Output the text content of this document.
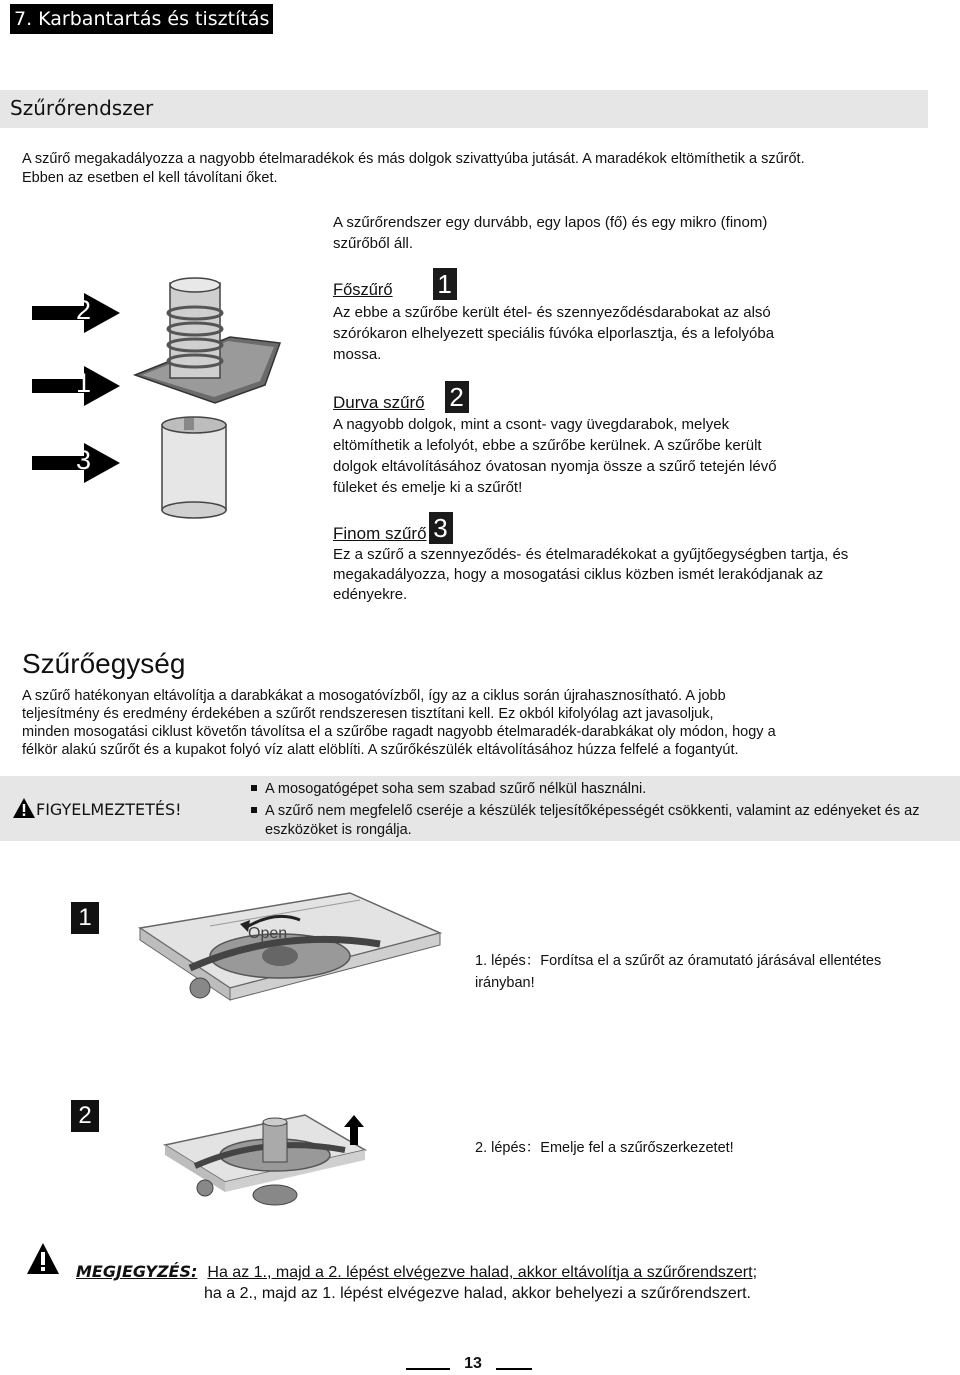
7. Karbantartás és tisztítás
Szűrőrendszer
A szűrő megakadályozza a nagyobb ételmaradékok és más dolgok szivattyúba jutását. A maradékok eltömíthetik a szűrőt.
Ebben az esetben el kell távolítani őket.
A szűrőrendszer egy durvább, egy lapos (fő) és egy mikro (finom)
szűrőből áll.
2
1
3
Főszűrő 1
Az ebbe a szűrőbe került étel- és szennyeződésdarabokat az alsó
szórókaron elhelyezett speciális fúvóka elporlasztja, és a lefolyóba
mossa.
Durva szűrő 2
A nagyobb dolgok, mint a csont- vagy üvegdarabok, melyek
eltömíthetik a lefolyót, ebbe a szűrőbe kerülnek. A szűrőbe került
dolgok eltávolításához óvatosan nyomja össze a szűrő tetején lévő
füleket és emelje ki a szűrőt!
Finom szűrő 3
Ez a szűrő a szennyeződés- és ételmaradékokat a gyűjtőegységben tartja, és
megakadályozza, hogy a mosogatási ciklus közben ismét lerakódjanak az
edényekre.
Szűrőegység
A szűrő hatékonyan eltávolítja a darabkákat a mosogatóvízből, így az a ciklus során újrahasznosítható. A jobb
teljesítmény és eredmény érdekében a szűrőt rendszeresen tisztítani kell. Ez okból kifolyólag azt javasoljuk,
minden mosogatási ciklust követőn távolítsa el a szűrőbe ragadt nagyobb ételmaradék-darabkákat oly módon, hogy a
félkör alakú szűrőt és a kupakot folyó víz alatt elöblíti. A szűrőkészülék eltávolításához húzza felfelé a fogantyút.
FIGYELMEZTETÉS!
A mosogatógépet soha sem szabad szűrő nélkül használni.
A szűrő nem megfelelő cseréje a készülék teljesítőképességét csökkenti, valamint az edényeket és az eszközöket is rongálja.
1
Open
1. lépés：Fordítsa el a szűrőt az óramutató járásával ellentétes
irányban!
2
2. lépés：Emelje fel a szűrőszerkezetet!
MEGJEGYZÉS: Ha az 1., majd a 2. lépést elvégezve halad, akkor eltávolítja a szűrőrendszert;
ha a 2., majd az 1. lépést elvégezve halad, akkor behelyezi a szűrőrendszert.
13
